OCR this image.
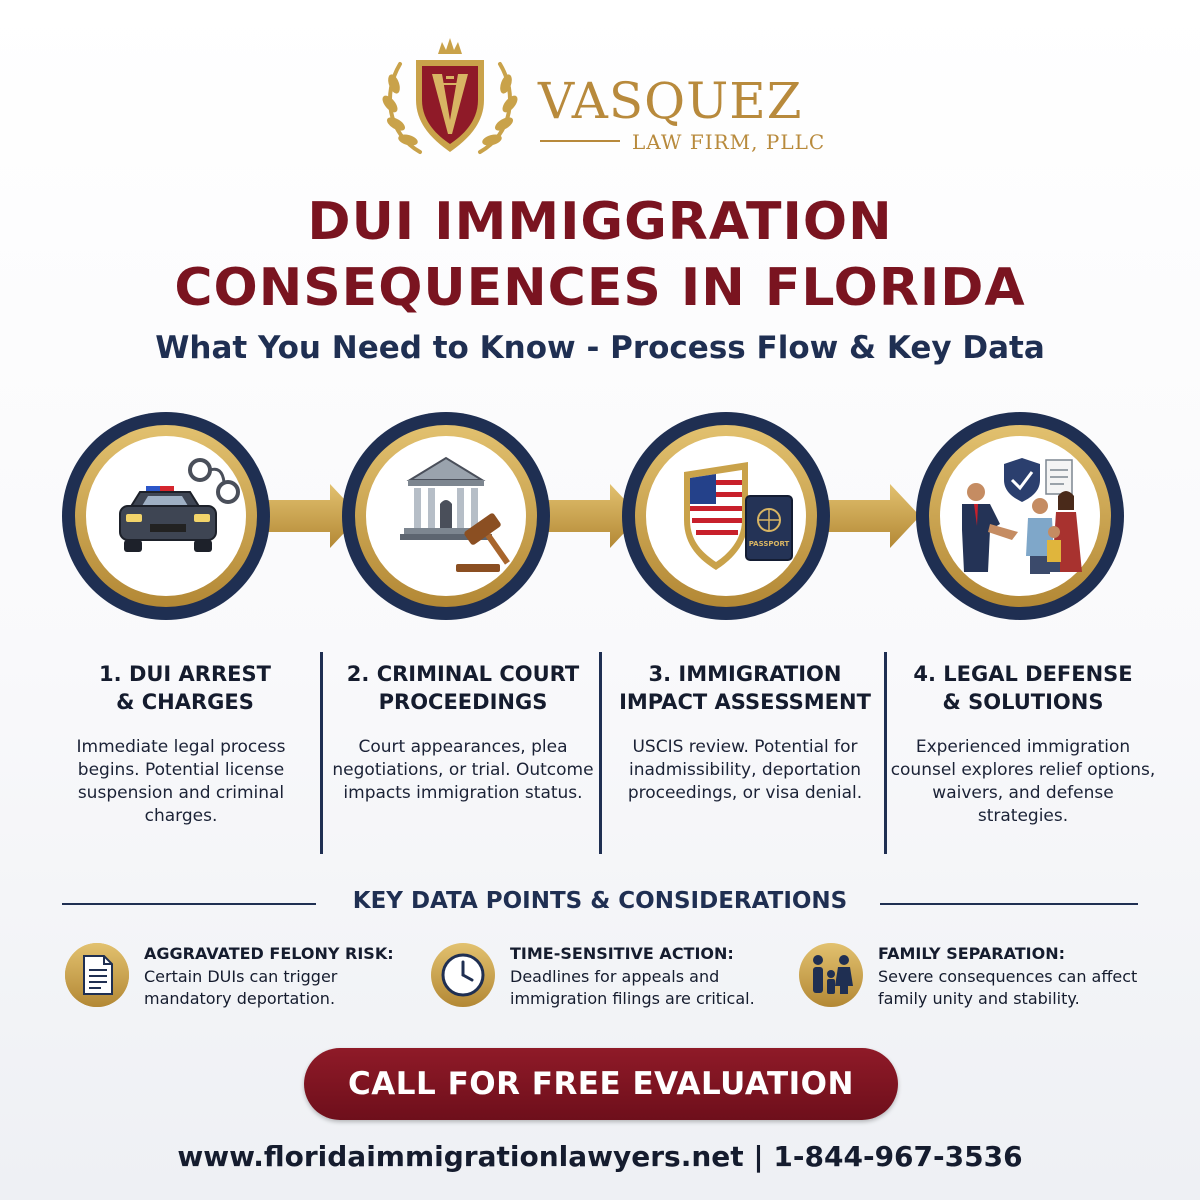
VASQUEZ
LAW FIRM, PLLC
DUI IMMIGGRATION
CONSEQUENCES IN FLORIDA
What You Need to Know - Process Flow & Key Data
PASSPORT
1. DUI ARREST
& CHARGES
Immediate legal process begins. Potential license suspension and criminal charges.
2. CRIMINAL COURT
PROCEEDINGS
Court appearances, plea negotiations, or trial. Outcome impacts immigration status.
3. IMMIGRATION
IMPACT ASSESSMENT
USCIS review. Potential for inadmissibility, deportation proceedings, or visa denial.
4. LEGAL DEFENSE
& SOLUTIONS
Experienced immigration counsel explores relief options, waivers, and defense strategies.
KEY DATA POINTS & CONSIDERATIONS
AGGRAVATED FELONY RISK:
Certain DUIs can trigger mandatory deportation.
TIME-SENSITIVE ACTION:
Deadlines for appeals and immigration filings are critical.
FAMILY SEPARATION:
Severe consequences can affect family unity and stability.
CALL FOR FREE EVALUATION
www.floridaimmigrationlawyers.net | 1-844-967-3536
